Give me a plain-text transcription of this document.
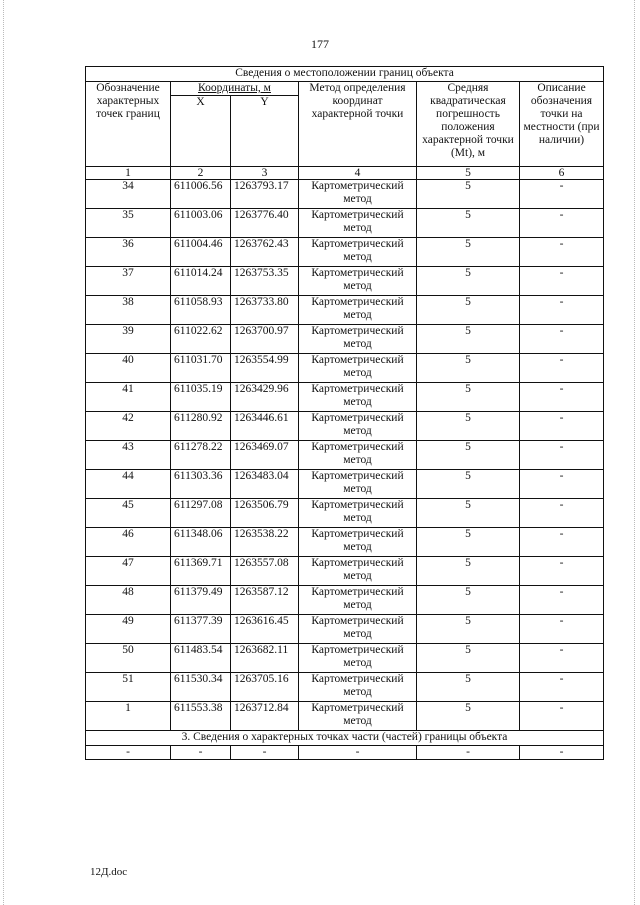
177
Сведения о местоположении границ объекта					
Обозначение характерных точек границ	Координаты, м		Метод определения координат характерной точки	Средняя квадратическая погрешность положения характерной точки (Mt), м	Описание обозначения точки на местности (при наличии)
	X	Y			
1	2	3	4	5	6
34	611006.56	1263793.17	Картометрический метод	5	-
35	611003.06	1263776.40	Картометрический метод	5	-
36	611004.46	1263762.43	Картометрический метод	5	-
37	611014.24	1263753.35	Картометрический метод	5	-
38	611058.93	1263733.80	Картометрический метод	5	-
39	611022.62	1263700.97	Картометрический метод	5	-
40	611031.70	1263554.99	Картометрический метод	5	-
41	611035.19	1263429.96	Картометрический метод	5	-
42	611280.92	1263446.61	Картометрический метод	5	-
43	611278.22	1263469.07	Картометрический метод	5	-
44	611303.36	1263483.04	Картометрический метод	5	-
45	611297.08	1263506.79	Картометрический метод	5	-
46	611348.06	1263538.22	Картометрический метод	5	-
47	611369.71	1263557.08	Картометрический метод	5	-
48	611379.49	1263587.12	Картометрический метод	5	-
49	611377.39	1263616.45	Картометрический метод	5	-
50	611483.54	1263682.11	Картометрический метод	5	-
51	611530.34	1263705.16	Картометрический метод	5	-
1	611553.38	1263712.84	Картометрический метод	5	-
3. Сведения о характерных точках части (частей) границы объекта					
-	-	-	-	-	-
12Д.doc
